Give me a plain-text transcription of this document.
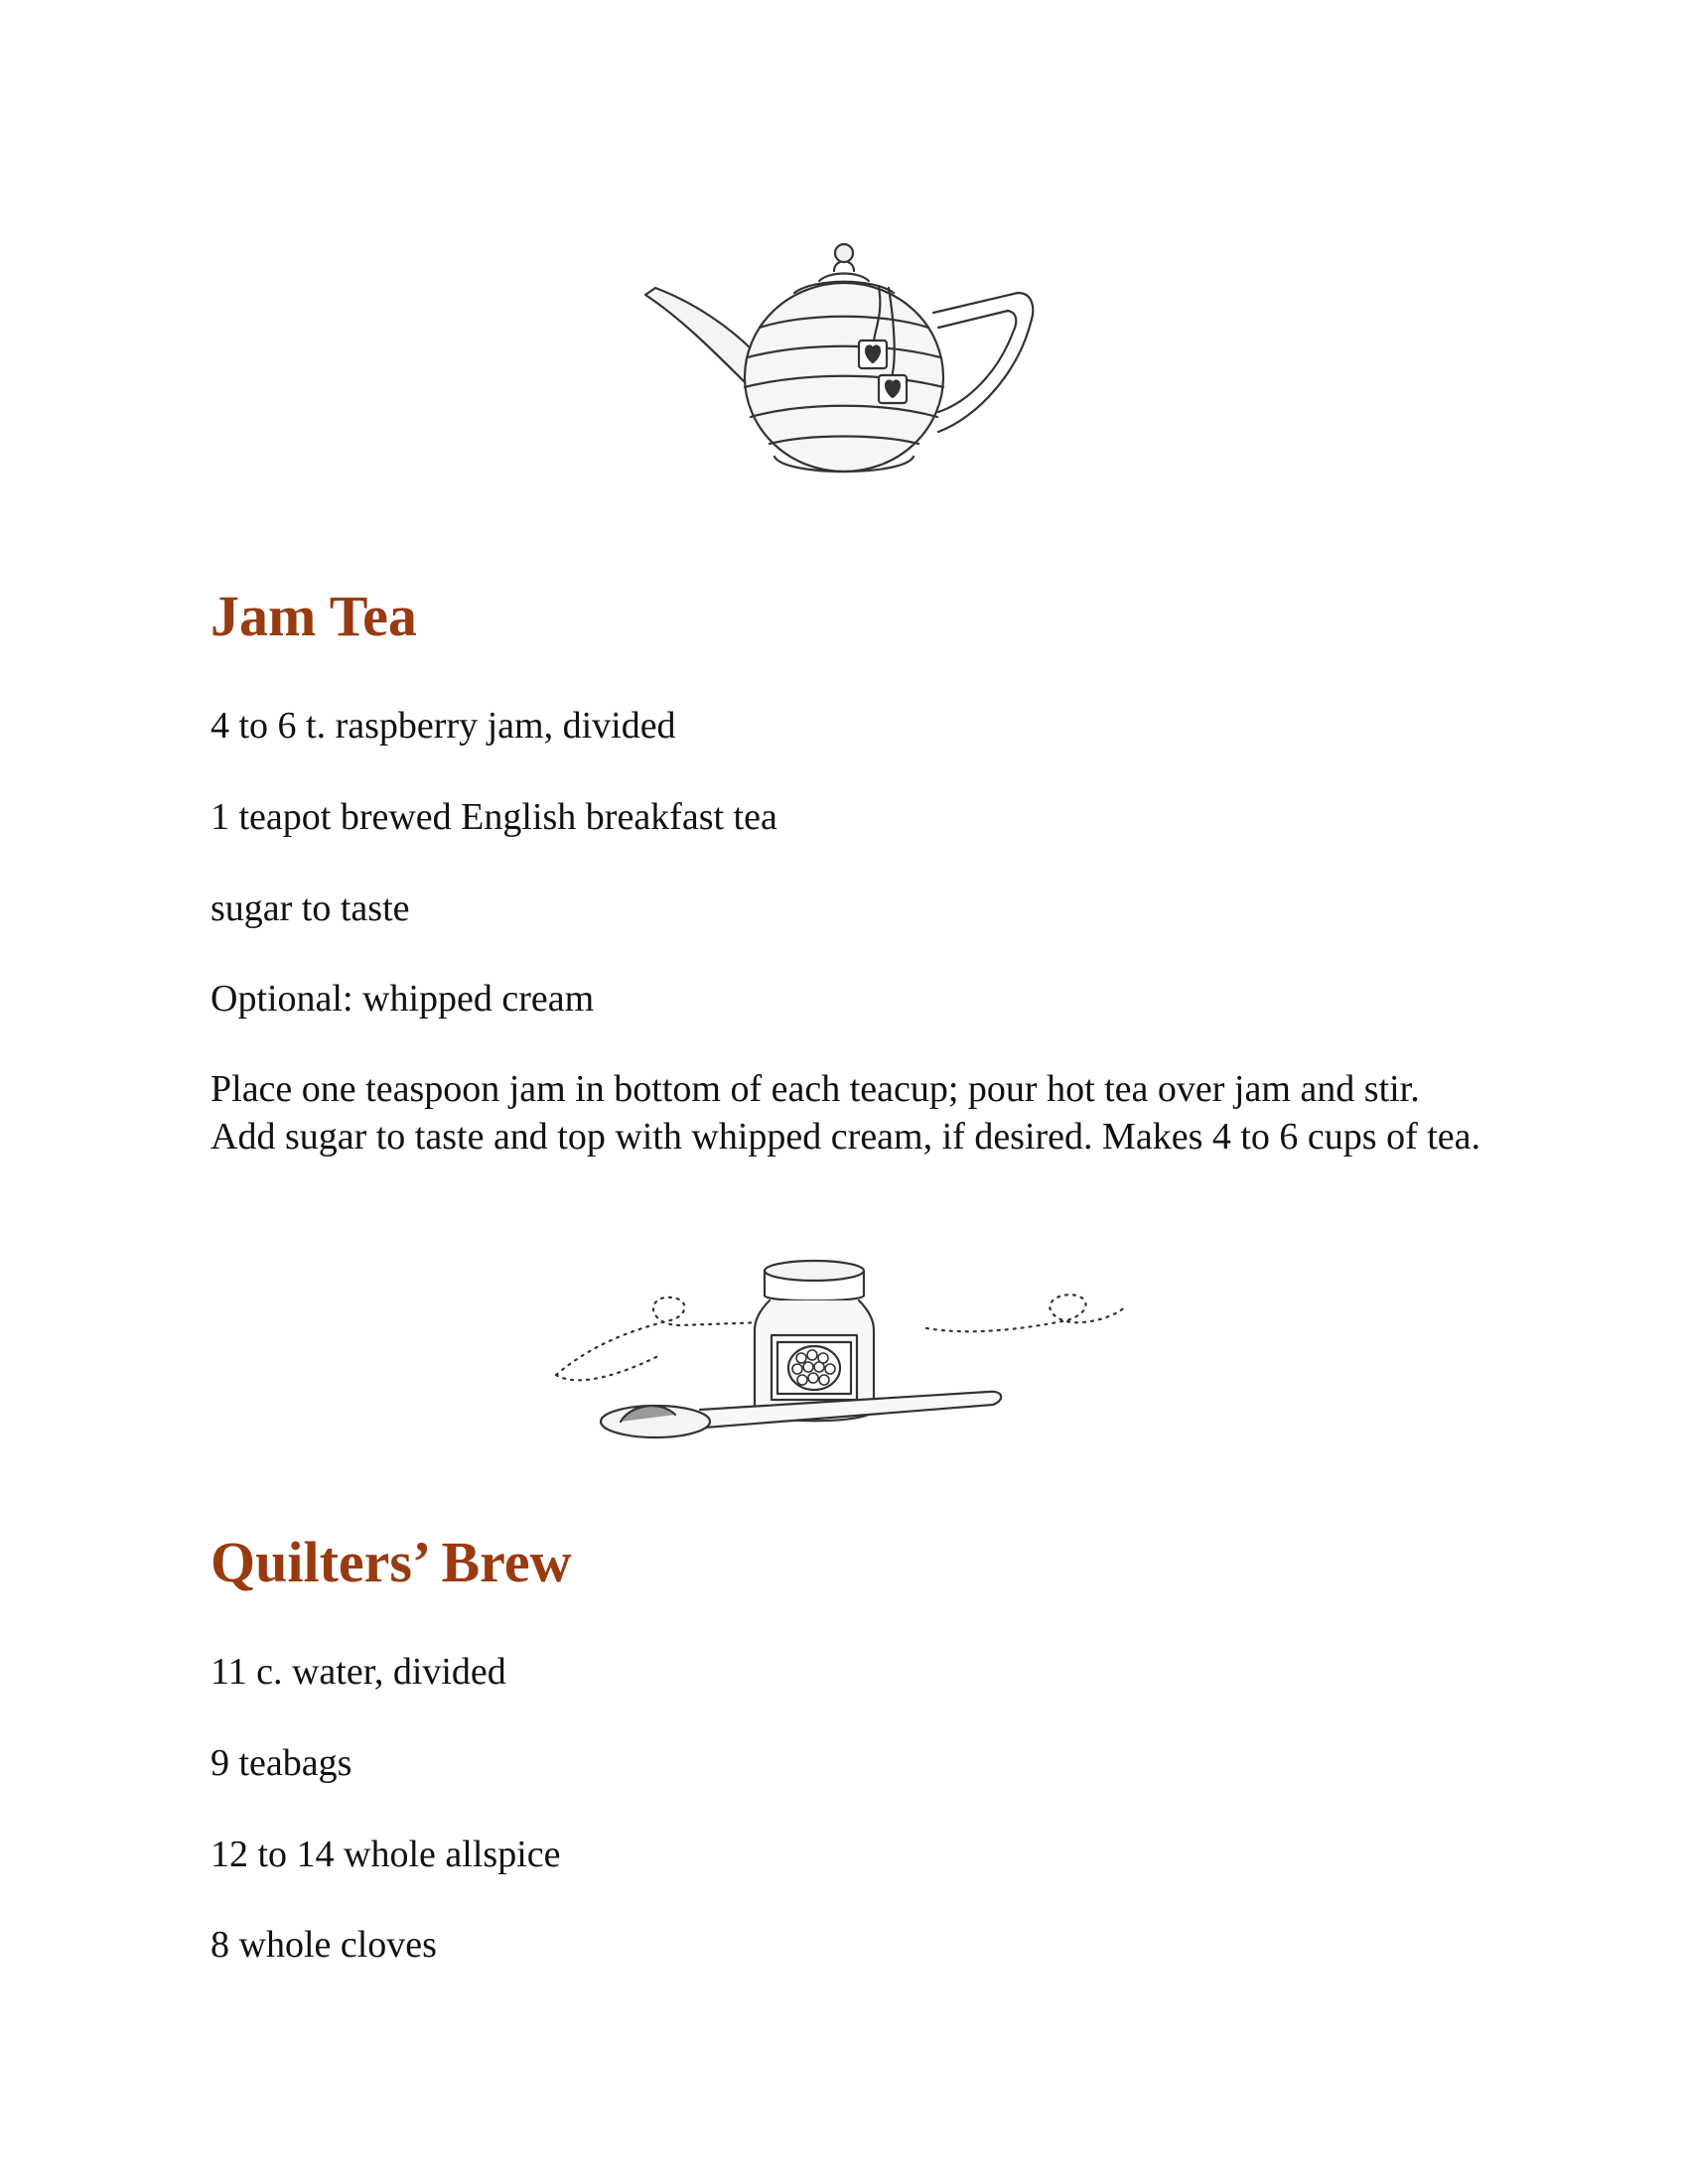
Jam Tea

4 to 6 t. raspberry jam, divided

1 teapot brewed English breakfast tea

sugar to taste

Optional: whipped cream

Place one teaspoon jam in bottom of each teacup; pour hot tea over jam and stir. Add sugar to taste and top with whipped cream, if desired. Makes 4 to 6 cups of tea.

Quilters’ Brew

11 c. water, divided

9 teabags

12 to 14 whole allspice

8 whole cloves
